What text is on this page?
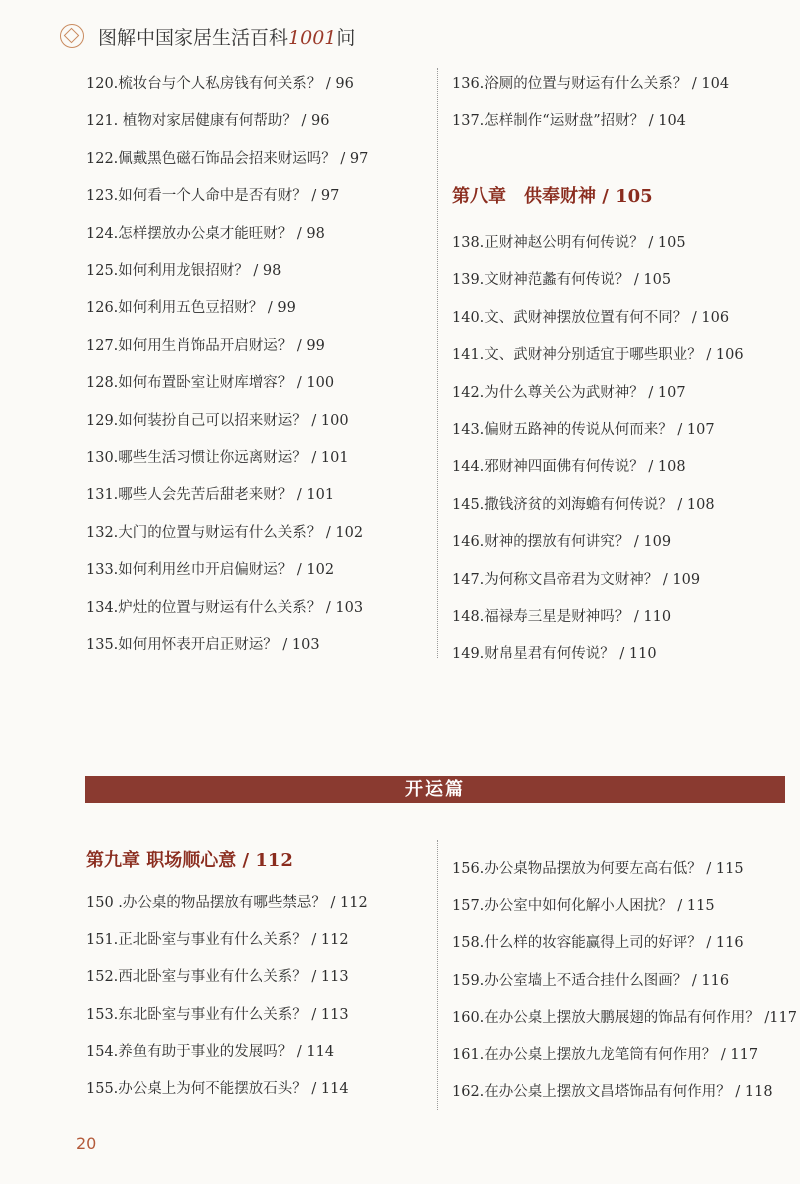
图解中国家居生活百科1001问
120.梳妆台与个人私房钱有何关系？ / 96
121. 植物对家居健康有何帮助？ / 96
122.佩戴黑色磁石饰品会招来财运吗？ / 97
123.如何看一个人命中是否有财？ / 97
124.怎样摆放办公桌才能旺财？ / 98
125.如何利用龙银招财？ / 98
126.如何利用五色豆招财？ / 99
127.如何用生肖饰品开启财运？ / 99
128.如何布置卧室让财库增容？ / 100
129.如何装扮自己可以招来财运？ / 100
130.哪些生活习惯让你远离财运？ / 101
131.哪些人会先苦后甜老来财？ / 101
132.大门的位置与财运有什么关系？ / 102
133.如何利用丝巾开启偏财运？ / 102
134.炉灶的位置与财运有什么关系？ / 103
135.如何用怀表开启正财运？ / 103
136.浴厕的位置与财运有什么关系？ / 104
137.怎样制作“运财盘”招财？ / 104
第八章　供奉财神 / 105
138.正财神赵公明有何传说？ / 105
139.文财神范蠡有何传说？ / 105
140.文、武财神摆放位置有何不同？ / 106
141.文、武财神分别适宜于哪些职业？ / 106
142.为什么尊关公为武财神？ / 107
143.偏财五路神的传说从何而来？ / 107
144.邪财神四面佛有何传说？ / 108
145.撒钱济贫的刘海蟾有何传说？ / 108
146.财神的摆放有何讲究？ / 109
147.为何称文昌帝君为文财神？ / 109
148.福禄寿三星是财神吗？ / 110
149.财帛星君有何传说？ / 110
开运篇
第九章 职场顺心意 / 112
150 .办公桌的物品摆放有哪些禁忌？ / 112
151.正北卧室与事业有什么关系？ / 112
152.西北卧室与事业有什么关系？ / 113
153.东北卧室与事业有什么关系？ / 113
154.养鱼有助于事业的发展吗？ / 114
155.办公桌上为何不能摆放石头？ / 114
156.办公桌物品摆放为何要左高右低？ / 115
157.办公室中如何化解小人困扰？ / 115
158.什么样的妆容能赢得上司的好评？ / 116
159.办公室墙上不适合挂什么图画？ / 116
160.在办公桌上摆放大鹏展翅的饰品有何作用？ /117
161.在办公桌上摆放九龙笔筒有何作用？ / 117
162.在办公桌上摆放文昌塔饰品有何作用？ / 118
20
